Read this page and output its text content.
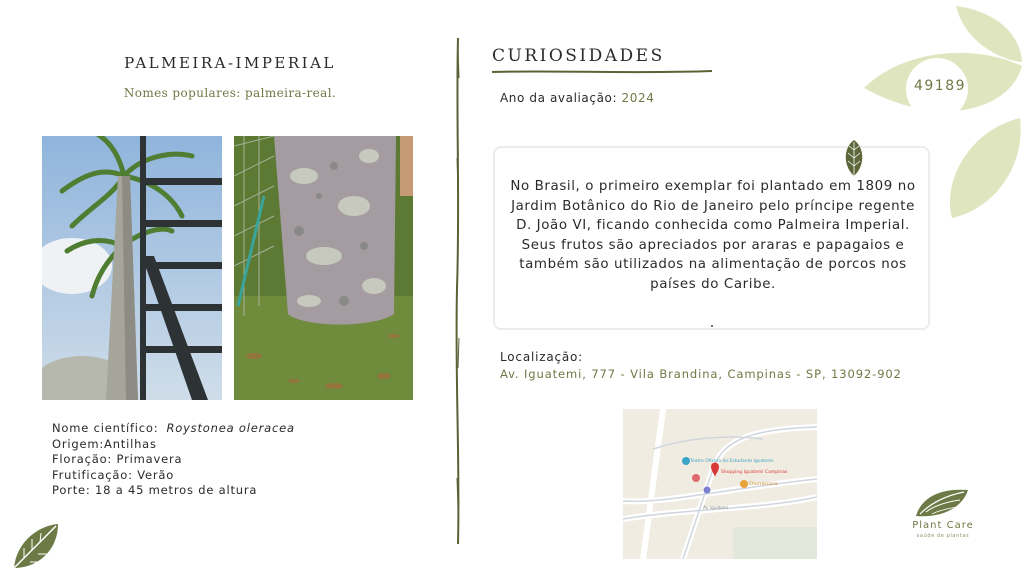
49189
PALMEIRA-IMPERIAL
Nomes populares: palmeira-real.
Nome científico: Roystonea oleracea
Origem:Antilhas
Floração: Primavera
Frutificação: Verão
Porte: 18 a 45 metros de altura
CURIOSIDADES
Ano da avaliação: 2024
No Brasil, o primeiro exemplar foi plantado em 1809 no Jardim Botânico do Rio de Janeiro pelo príncipe regente D. João VI, ficando conhecida como Palmeira Imperial. Seus frutos são apreciados por araras e papagaios e também são utilizados na alimentação de porcos nos países do Caribe.
Localização:
Av. Iguatemi, 777 - Vila Brandina, Campinas - SP, 13092-902
Teatro Oficina do Estudante Iguatemi
Shopping Iguatemi Campinas
Churrascaria
Av. Iguatemi
Plant Care
saúde de plantas
